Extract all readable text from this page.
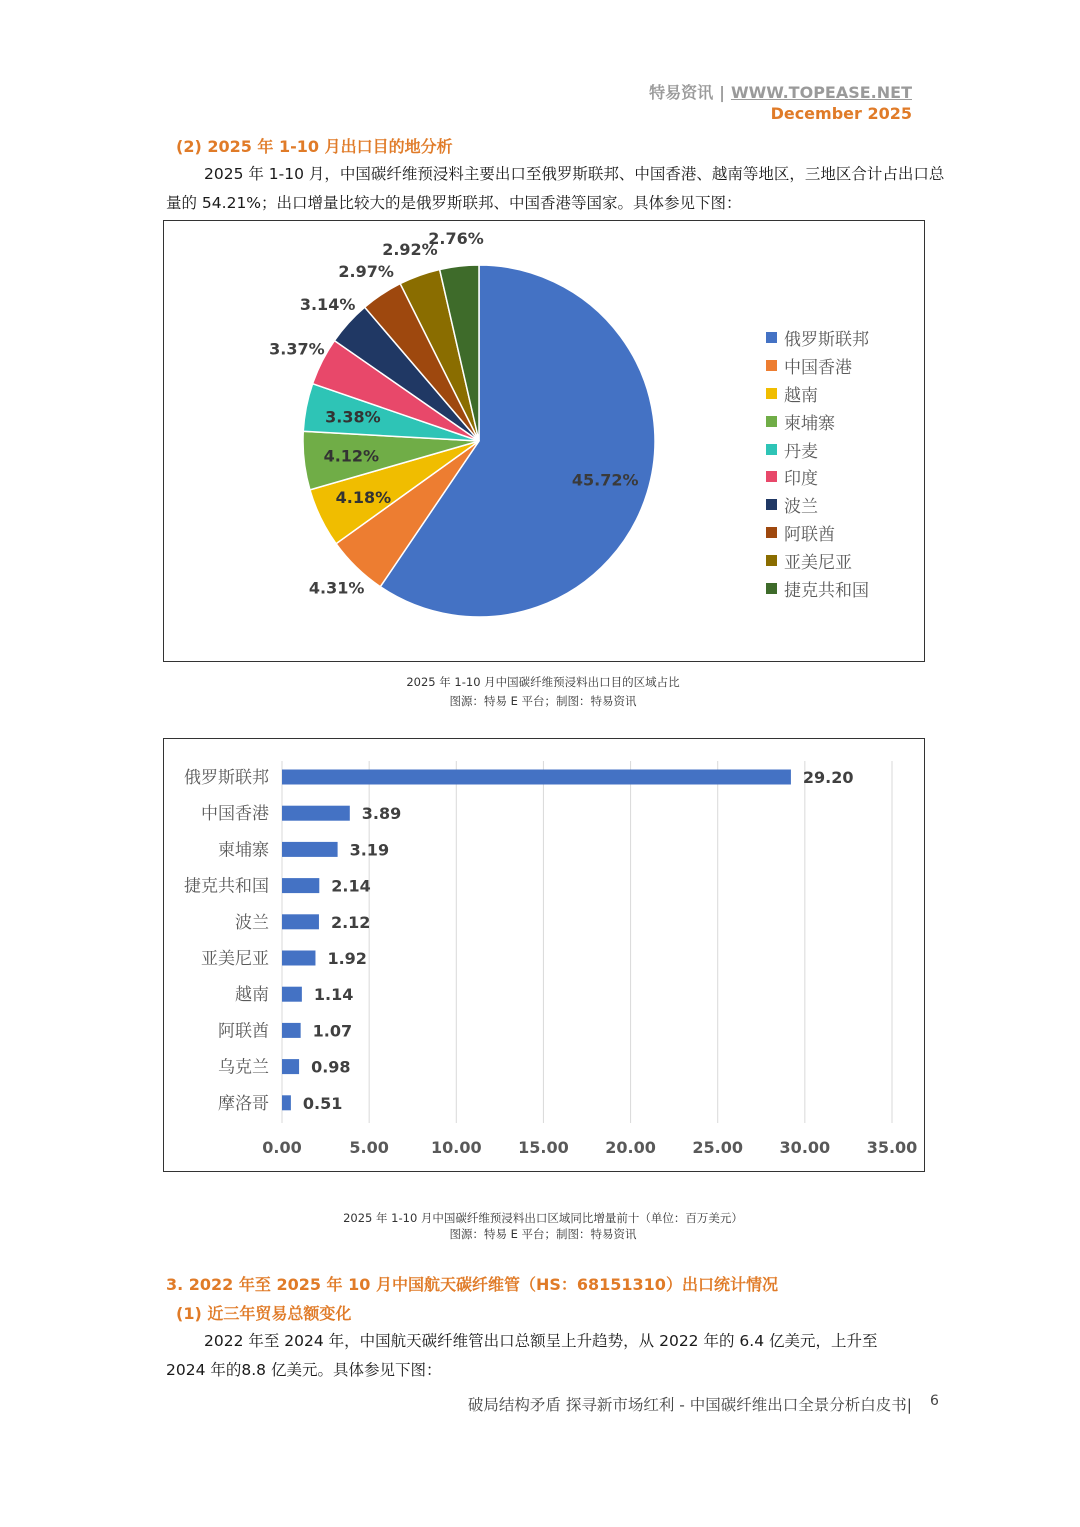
特易资讯 | WWW.TOPEASE.NET
December 2025
(2) 2025 年 1-10 月出口目的地分析
2025 年 1-10 月，中国碳纤维预浸料主要出口至俄罗斯联邦、中国香港、越南等地区，三地区合计占出口总
量的 54.21%；出口增量比较大的是俄罗斯联邦、中国香港等国家。具体参见下图：
45.72%
4.31%
4.18%
4.12%
3.38%
3.37%
3.14%
2.97%
2.92%
2.76%
俄罗斯联邦
中国香港
越南
柬埔寨
丹麦
印度
波兰
阿联酋
亚美尼亚
捷克共和国
2025 年 1-10 月中国碳纤维预浸料出口目的区域占比
图源：特易 E 平台；制图：特易资讯
0.00	5.00	10.00 15.00 20.00 25.00 30.00 35.00
俄罗斯联邦	29.20
中国香港	3.89
柬埔寨	3.19
捷克共和国	2.14
波兰	2.12
亚美尼亚	1.92
越南	1.14
阿联酋	1.07
乌克兰	0.98
摩洛哥 0.51
2025 年 1-10 月中国碳纤维预浸料出口区域同比增量前十（单位：百万美元）
图源：特易 E 平台；制图：特易资讯
3. 2022 年至 2025 年 10 月中国航天碳纤维管（HS：68151310）出口统计情况
(1) 近三年贸易总额变化
2022 年至 2024 年，中国航天碳纤维管出口总额呈上升趋势，从 2022 年的 6.4 亿美元，上升至
2024 年的8.8 亿美元。具体参见下图：
破局结构矛盾 探寻新市场红利 - 中国碳纤维出口全景分析白皮书| 6
